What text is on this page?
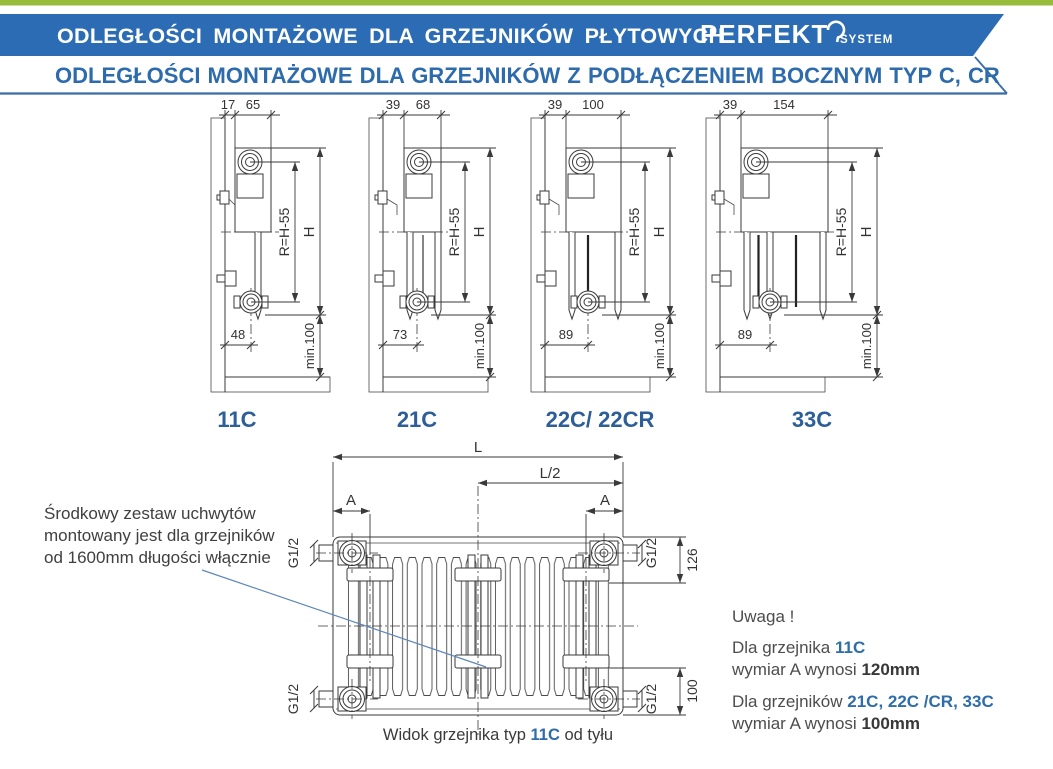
ODLEGŁOŚCI MONTAŻOWE DLA GRZEJNIKÓW PŁYTOWYCH
PERFEKT SYSTEM
ODLEGŁOŚCI MONTAŻOWE DLA GRZEJNIKÓW Z PODŁĄCZENIEM BOCZNYM TYP C, CR
17 65
R=H-55 H
min.100
48
11C
39 68
R=H-55 H
min.100
73
21C
39 100
R=H-55 H
min.100
89
22C/ 22CR
39	154
R=H-55 H
min.100
89
33C
L
L/2
A	A
G1/2
G1/2
G1/2
G1/2
126
100
Środkowy zestaw uchwytów
montowany jest dla grzejników
od 1600mm długości włącznie
Uwaga !
Dla grzejnika 11C
wymiar A wynosi 120mm
Dla grzejników 21C, 22C /CR, 33C
wymiar A wynosi 100mm
Widok grzejnika typ 11C od tyłu
